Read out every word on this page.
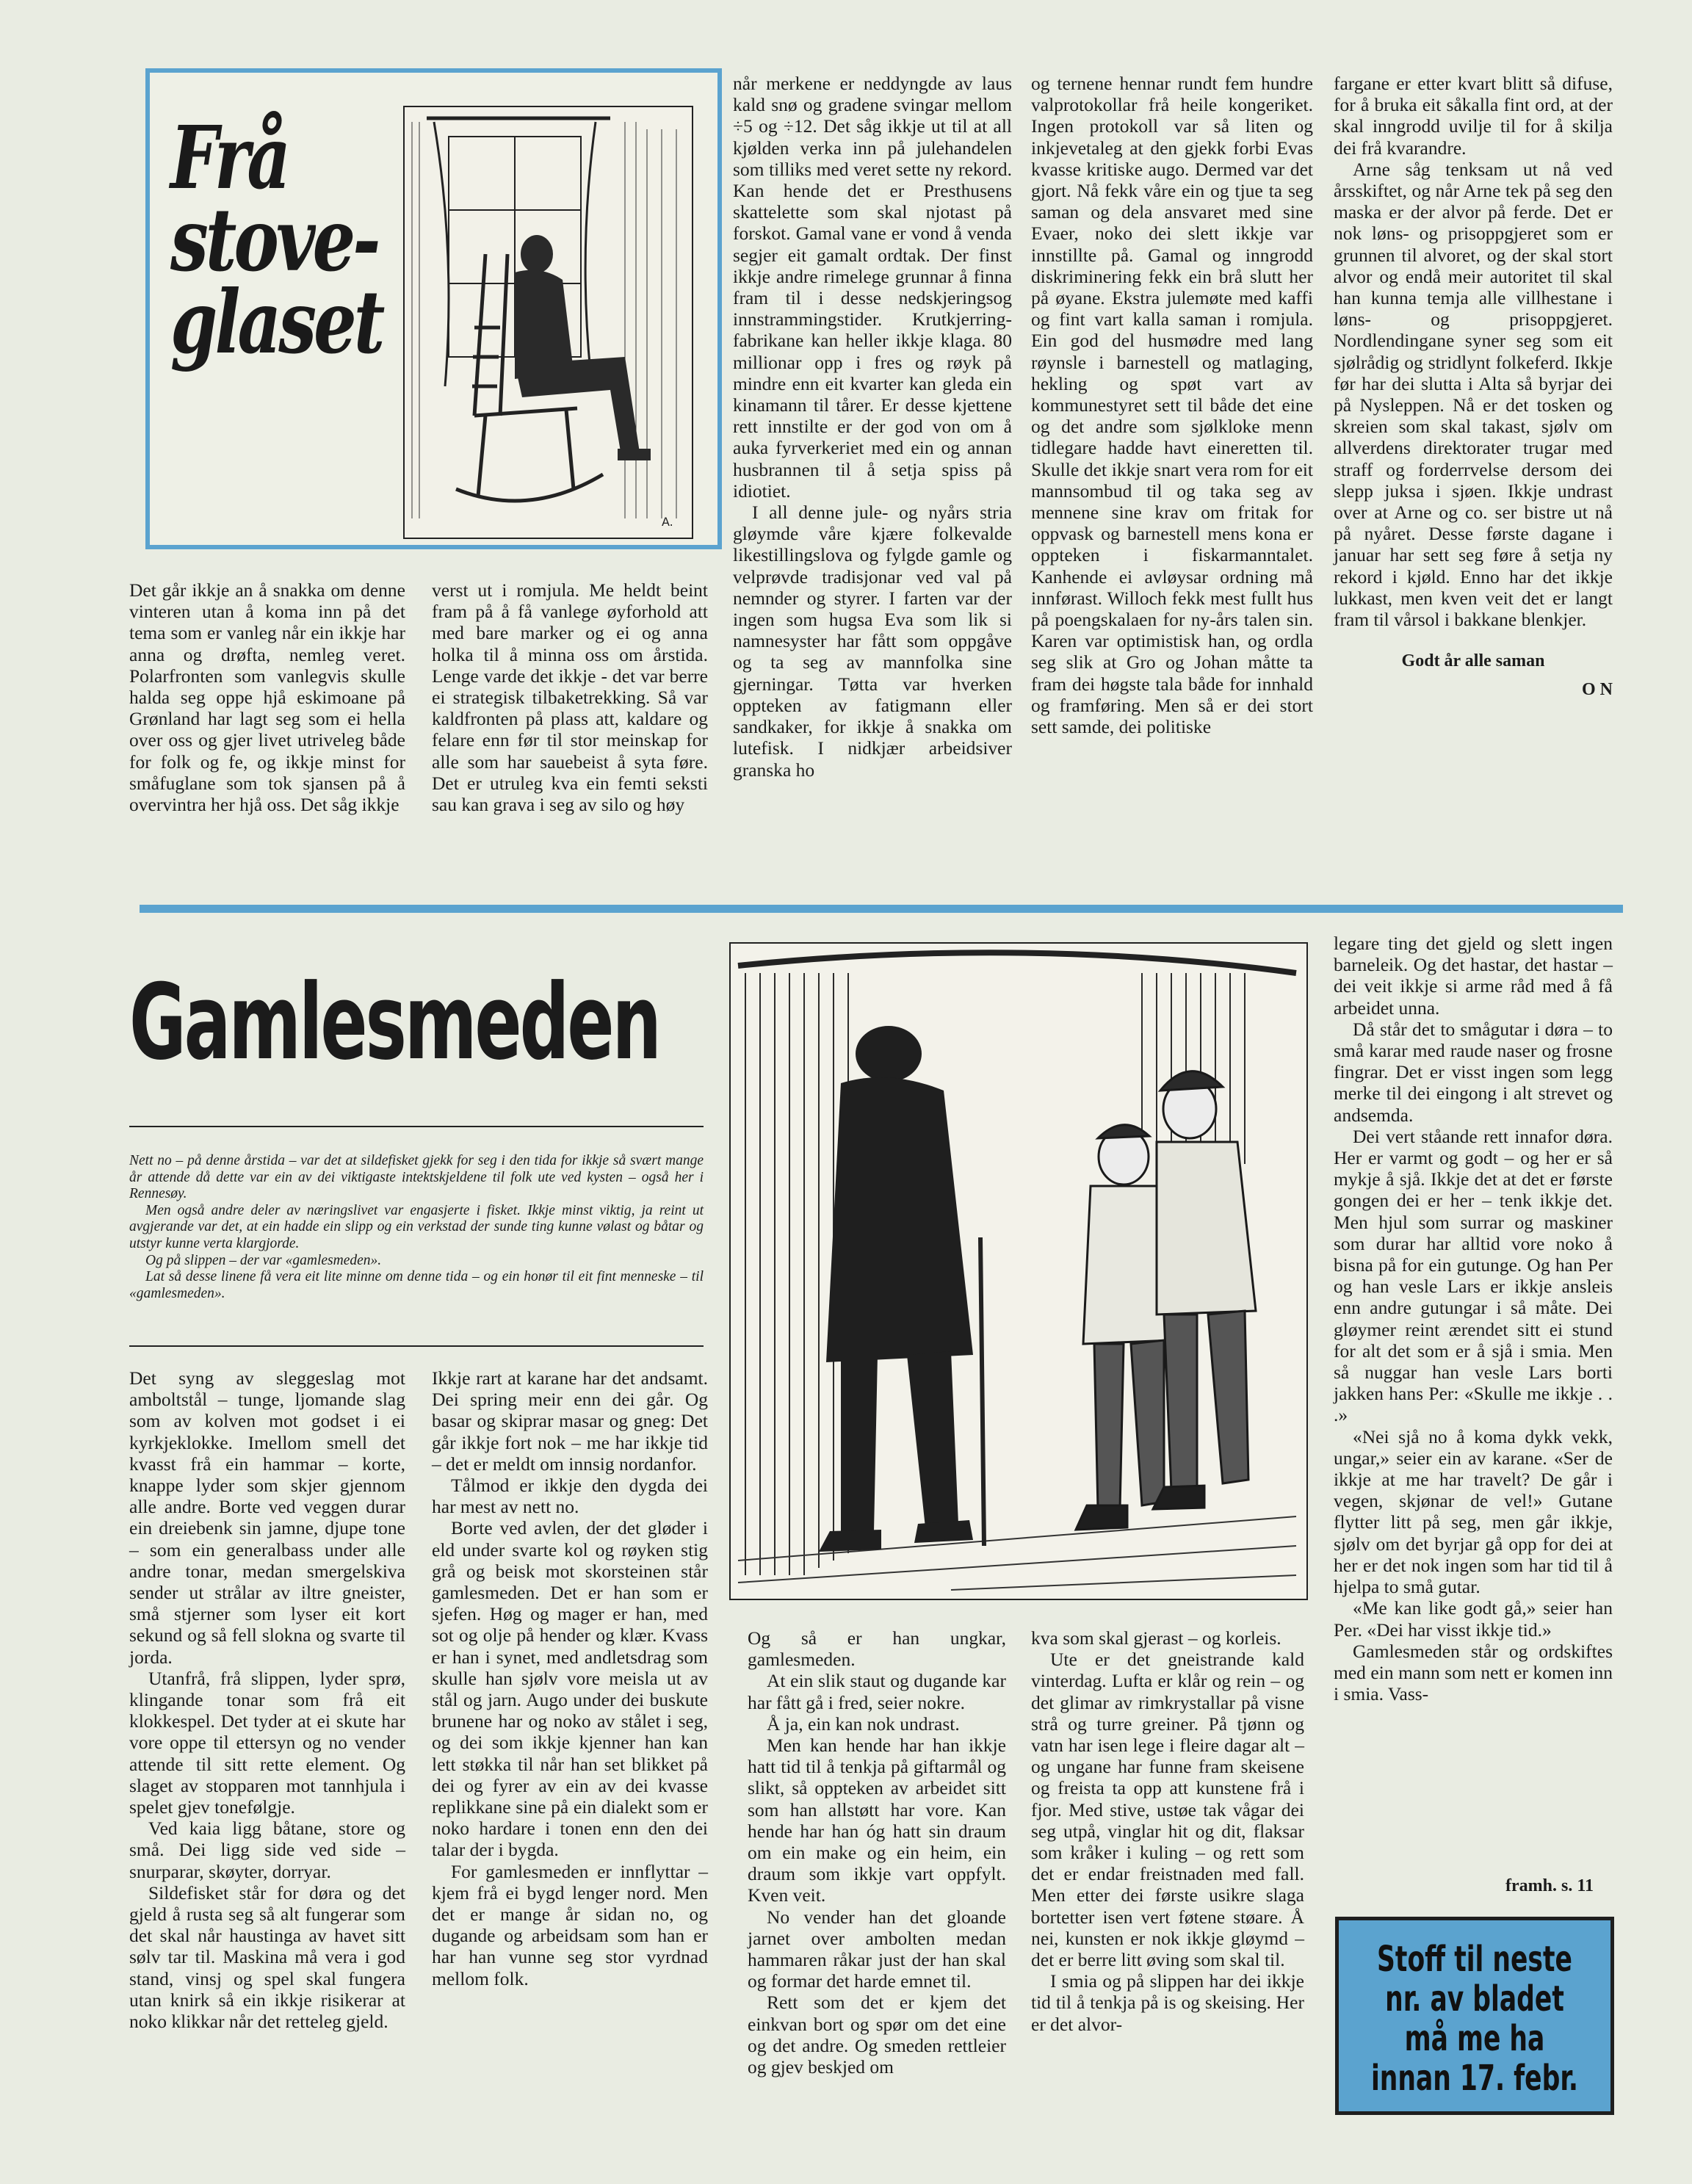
Frå
stove-
glaset
A.

Det går ikkje an å snakka om denne vinteren utan å koma inn på det tema som er vanleg når ein ikkje har anna og drøfta, nemleg veret. Polarfronten som vanlegvis skulle halda seg oppe hjå eskimoane på Grønland har lagt seg som ei hella over oss og gjer livet utriveleg både for folk og fe, og ikkje minst for småfuglane som tok sjansen på å overvintra her hjå oss. Det såg ikkje

verst ut i romjula. Me heldt beint fram på å få vanlege øyforhold att med bare marker og ei og anna holka til å minna oss om årstida. Lenge varde det ikkje - det var berre ei strategisk tilbaketrekking. Så var kaldfronten på plass att, kaldare og felare enn før til stor meinskap for alle som har sauebeist å syta føre. Det er utruleg kva ein femti seksti sau kan grava i seg av silo og høy

når merkene er neddyngde av laus kald snø og gradene svingar mellom ÷5 og ÷12. Det såg ikkje ut til at all kjølden verka inn på julehandelen som tilliks med veret sette ny rekord. Kan hende det er Presthusens skattelette som skal njotast på forskot. Gamal vane er vond å venda segjer eit gamalt ordtak. Der finst ikkje andre rimelege grunnar å finna fram til i desse nedskjeringsog innstrammingstider. Krutkjerring-fabrikane kan heller ikkje klaga. 80 millionar opp i fres og røyk på mindre enn eit kvarter kan gleda ein kinamann til tårer. Er desse kjettene rett innstilte er der god von om å auka fyrverkeriet med ein og annan husbrannen til å setja spiss på idiotiet.

I all denne jule- og nyårs stria gløymde våre kjære folkevalde likestillingslova og fylgde gamle og velprøvde tradisjonar ved val på nemnder og styrer. I farten var der ingen som hugsa Eva som lik si namnesyster har fått som oppgåve og ta seg av mannfolka sine gjerningar. Tøtta var hverken oppteken av fatigmann eller sandkaker, for ikkje å snakka om lutefisk. I nidkjær arbeidsiver granska ho

og ternene hennar rundt fem hundre valprotokollar frå heile kongeriket. Ingen protokoll var så liten og inkjevetaleg at den gjekk forbi Evas kvasse kritiske augo. Dermed var det gjort. Nå fekk våre ein og tjue ta seg saman og dela ansvaret med sine Evaer, noko dei slett ikkje var innstillte på. Gamal og inngrodd diskriminering fekk ein brå slutt her på øyane. Ekstra julemøte med kaffi og fint vart kalla saman i romjula. Ein god del husmødre med lang røynsle i barnestell og matlaging, hekling og spøt vart av kommunestyret sett til både det eine og det andre som sjølkloke menn tidlegare hadde havt eineretten til. Skulle det ikkje snart vera rom for eit mannsombud til og taka seg av mennene sine krav om fritak for oppvask og barnestell mens kona er oppteken i fiskarmanntalet. Kanhende ei avløysar ordning må innførast. Willoch fekk mest fullt hus på poengskalaen for ny-års talen sin. Karen var optimistisk han, og ordla seg slik at Gro og Johan måtte ta fram dei høgste tala både for innhald og framføring. Men så er dei stort sett samde, dei politiske

fargane er etter kvart blitt så difuse, for å bruka eit såkalla fint ord, at der skal inngrodd uvilje til for å skilja dei frå kvarandre.

Arne såg tenksam ut nå ved årsskiftet, og når Arne tek på seg den maska er der alvor på ferde. Det er nok løns- og prisoppgjeret som er grunnen til alvoret, og der skal stort alvor og endå meir autoritet til skal han kunna temja alle villhestane i løns- og prisoppgjeret. Nordlendingane syner seg som eit sjølrådig og stridlynt folkeferd. Ikkje før har dei slutta i Alta så byrjar dei på Nysleppen. Nå er det tosken og skreien som skal takast, sjølv om allverdens direktorater trugar med straff og forderrvelse dersom dei slepp juksa i sjøen. Ikkje undrast over at Arne og co. ser bistre ut nå på nyåret. Desse første dagane i januar har sett seg føre å setja ny rekord i kjøld. Enno har det ikkje lukkast, men kven veit det er langt fram til vårsol i bakkane blenkjer.

Godt år alle saman
O N
Gamlesmeden

Nett no – på denne årstida – var det at sildefisket gjekk for seg i den tida for ikkje så svært mange år attende då dette var ein av dei viktigaste intektskjeldene til folk ute ved kysten – også her i Rennesøy.

Men også andre deler av næringslivet var engasjerte i fisket. Ikkje minst viktig, ja reint ut avgjerande var det, at ein hadde ein slipp og ein verkstad der sunde ting kunne vølast og båtar og utstyr kunne verta klargjorde.

Og på slippen – der var «gamlesmeden».

Lat så desse linene få vera eit lite minne om denne tida – og ein honør til eit fint menneske – til «gamlesmeden».

Det syng av sleggeslag mot amboltstål – tunge, ljomande slag som av kolven mot godset i ei kyrkjeklokke. Imellom smell det kvasst frå ein hammar – korte, knappe lyder som skjer gjennom alle andre. Borte ved veggen durar ein dreiebenk sin jamne, djupe tone – som ein generalbass under alle andre tonar, medan smergelskiva sender ut strålar av iltre gneister, små stjerner som lyser eit kort sekund og så fell slokna og svarte til jorda.

Utanfrå, frå slippen, lyder sprø, klingande tonar som frå eit klokkespel. Det tyder at ei skute har vore oppe til ettersyn og no vender attende til sitt rette element. Og slaget av stopparen mot tannhjula i spelet gjev tonefølgje.

Ved kaia ligg båtane, store og små. Dei ligg side ved side – snurparar, skøyter, dorryar.

Sildefisket står for døra og det gjeld å rusta seg så alt fungerar som det skal når haustinga av havet sitt sølv tar til. Maskina må vera i god stand, vinsj og spel skal fungera utan knirk så ein ikkje risikerar at noko klikkar når det retteleg gjeld.

Ikkje rart at karane har det andsamt. Dei spring meir enn dei går. Og basar og skiprar masar og gneg: Det går ikkje fort nok – me har ikkje tid – det er meldt om innsig nordanfor.

Tålmod er ikkje den dygda dei har mest av nett no.

Borte ved avlen, der det gløder i eld under svarte kol og røyken stig grå og beisk mot skorsteinen står gamlesmeden. Det er han som er sjefen. Høg og mager er han, med sot og olje på hender og klær. Kvass er han i synet, med andletsdrag som skulle han sjølv vore meisla ut av stål og jarn. Augo under dei buskute brunene har og noko av stålet i seg, og dei som ikkje kjenner han kan lett støkka til når han set blikket på dei og fyrer av ein av dei kvasse replikkane sine på ein dialekt som er noko hardare i tonen enn den dei talar der i bygda.

For gamlesmeden er innflyttar – kjem frå ei bygd lenger nord. Men det er mange år sidan no, og dugande og arbeidsam som han er har han vunne seg stor vyrdnad mellom folk.

Og så er han ungkar, gamlesmeden.

At ein slik staut og dugande kar har fått gå i fred, seier nokre.

Å ja, ein kan nok undrast.

Men kan hende har han ikkje hatt tid til å tenkja på giftarmål og slikt, så oppteken av arbeidet sitt som han allstøtt har vore. Kan hende har han óg hatt sin draum om ein make og ein heim, ein draum som ikkje vart oppfylt. Kven veit.

No vender han det gloande jarnet over ambolten medan hammaren råkar just der han skal og formar det harde emnet til.

Rett som det er kjem det einkvan bort og spør om det eine og det andre. Og smeden rettleier og gjev beskjed om

kva som skal gjerast – og korleis.

Ute er det gneistrande kald vinterdag. Lufta er klår og rein – og det glimar av rimkrystallar på visne strå og turre greiner. På tjønn og vatn har isen lege i fleire dagar alt – og ungane har funne fram skeisene og freista ta opp att kunstene frå i fjor. Med stive, ustøe tak vågar dei seg utpå, vinglar hit og dit, flaksar som kråker i kuling – og rett som det er endar freistnaden med fall. Men etter dei første usikre slaga bortetter isen vert føtene støare. Å nei, kunsten er nok ikkje gløymd – det er berre litt øving som skal til.

I smia og på slippen har dei ikkje tid til å tenkja på is og skeising. Her er det alvor-

legare ting det gjeld og slett ingen barneleik. Og det hastar, det hastar – dei veit ikkje si arme råd med å få arbeidet unna.

Då står det to smågutar i døra – to små karar med raude naser og frosne fingrar. Det er visst ingen som legg merke til dei eingong i alt strevet og andsemda.

Dei vert ståande rett innafor døra. Her er varmt og godt – og her er så mykje å sjå. Ikkje det at det er første gongen dei er her – tenk ikkje det. Men hjul som surrar og maskiner som durar har alltid vore noko å bisna på for ein gutunge. Og han Per og han vesle Lars er ikkje ansleis enn andre gutungar i så måte. Dei gløymer reint ærendet sitt ei stund for alt det som er å sjå i smia. Men så nuggar han vesle Lars borti jakken hans Per: «Skulle me ikkje . . .»

«Nei sjå no å koma dykk vekk, ungar,» seier ein av karane. «Ser de ikkje at me har travelt? De går i vegen, skjønar de vel!» Gutane flytter litt på seg, men går ikkje, sjølv om det byrjar gå opp for dei at her er det nok ingen som har tid til å hjelpa to små gutar.

«Me kan like godt gå,» seier han Per. «Dei har visst ikkje tid.»

Gamlesmeden står og ordskiftes med ein mann som nett er komen inn i smia. Vass-

framh. s. 11
Stoff til neste
nr. av bladet
må me ha
innan 17. febr.
